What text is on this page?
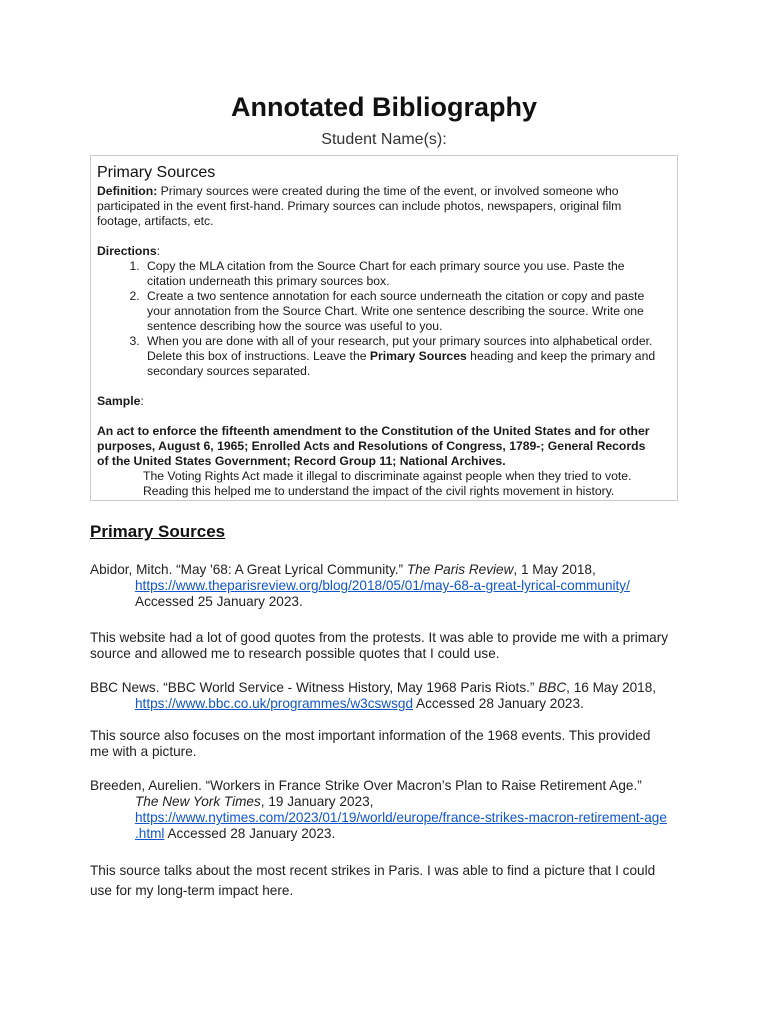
Annotated Bibliography
Student Name(s):
Primary Sources

Definition: Primary sources were created during the time of the event, or involved someone who
participated in the event first-hand. Primary sources can include photos, newspapers, original film
footage, artifacts, etc.

Directions:

1. Copy the MLA citation from the Source Chart for each primary source you use. Paste the
citation underneath this primary sources box.
2. Create a two sentence annotation for each source underneath the citation or copy and paste
your annotation from the Source Chart. Write one sentence describing the source. Write one
sentence describing how the source was useful to you.
3. When you are done with all of your research, put your primary sources into alphabetical order.
Delete this box of instructions. Leave the Primary Sources heading and keep the primary and
secondary sources separated.

Sample:

An act to enforce the fifteenth amendment to the Constitution of the United States and for other
purposes, August 6, 1965; Enrolled Acts and Resolutions of Congress, 1789-; General Records
of the United States Government; Record Group 11; National Archives.

The Voting Rights Act made it illegal to discriminate against people when they tried to vote.
Reading this helped me to understand the impact of the civil rights movement in history.

Primary Sources
Abidor, Mitch. “May '68: A Great Lyrical Community.” The Paris Review, 1 May 2018,
https://www.theparisreview.org/blog/2018/05/01/may-68-a-great-lyrical-community/
Accessed 25 January 2023.
This website had a lot of good quotes from the protests. It was able to provide me with a primary
source and allowed me to research possible quotes that I could use.
BBC News. “BBC World Service - Witness History, May 1968 Paris Riots.” BBC, 16 May 2018,
https://www.bbc.co.uk/programmes/w3cswsgd Accessed 28 January 2023.
This source also focuses on the most important information of the 1968 events. This provided
me with a picture.
Breeden, Aurelien. “Workers in France Strike Over Macron’s Plan to Raise Retirement Age.”
The New York Times, 19 January 2023,
https://www.nytimes.com/2023/01/19/world/europe/france-strikes-macron-retirement-age
.html Accessed 28 January 2023.
This source talks about the most recent strikes in Paris. I was able to find a picture that I could
use for my long-term impact here.
